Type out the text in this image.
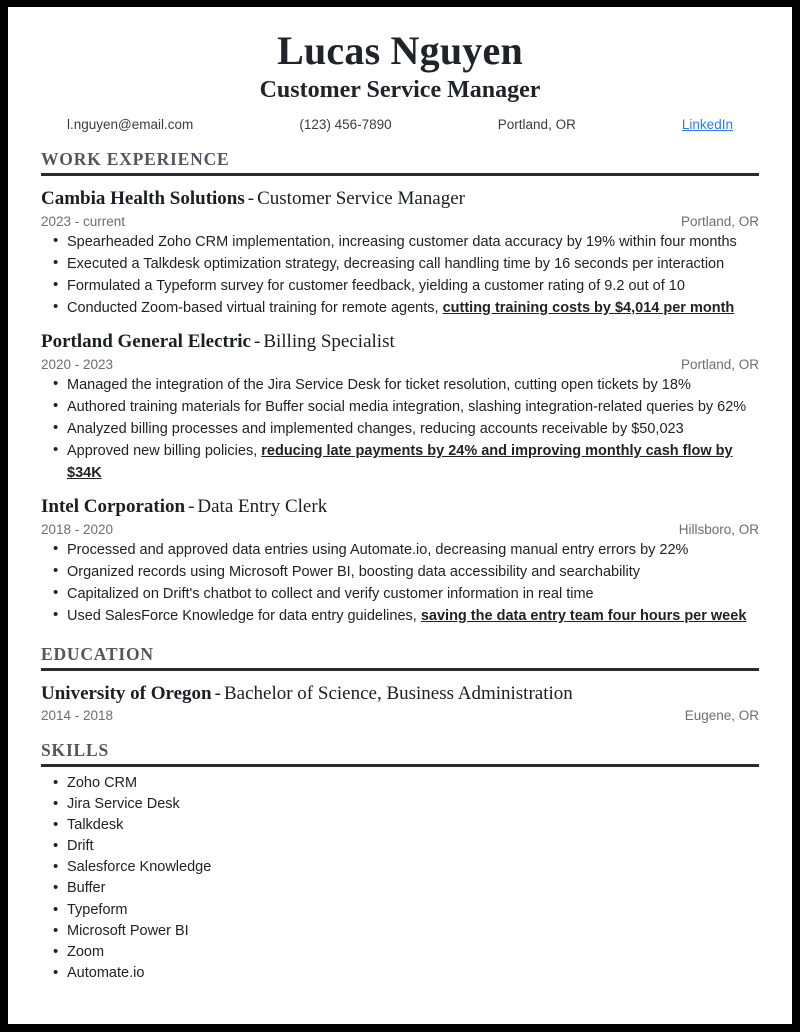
Lucas Nguyen
Customer Service Manager
l.nguyen@email.com	(123) 456-7890	Portland, OR	LinkedIn
WORK EXPERIENCE
Cambia Health Solutions - Customer Service Manager
2023 - current	Portland, OR
• Spearheaded Zoho CRM implementation, increasing customer data accuracy by 19% within four months
• Executed a Talkdesk optimization strategy, decreasing call handling time by 16 seconds per interaction
• Formulated a Typeform survey for customer feedback, yielding a customer rating of 9.2 out of 10
• Conducted Zoom-based virtual training for remote agents, cutting training costs by $4,014 per month
Portland General Electric - Billing Specialist
2020 - 2023	Portland, OR
• Managed the integration of the Jira Service Desk for ticket resolution, cutting open tickets by 18%
• Authored training materials for Buffer social media integration, slashing integration-related queries by 62%
• Analyzed billing processes and implemented changes, reducing accounts receivable by $50,023
• Approved new billing policies, reducing late payments by 24% and improving monthly cash flow by $34K
Intel Corporation - Data Entry Clerk
2018 - 2020	Hillsboro, OR
• Processed and approved data entries using Automate.io, decreasing manual entry errors by 22%
• Organized records using Microsoft Power BI, boosting data accessibility and searchability
• Capitalized on Drift's chatbot to collect and verify customer information in real time
• Used SalesForce Knowledge for data entry guidelines, saving the data entry team four hours per week
EDUCATION
University of Oregon - Bachelor of Science, Business Administration
2014 - 2018	Eugene, OR
SKILLS
• Zoho CRM
• Jira Service Desk
• Talkdesk
• Drift
• Salesforce Knowledge
• Buffer
• Typeform
• Microsoft Power BI
• Zoom
• Automate.io
